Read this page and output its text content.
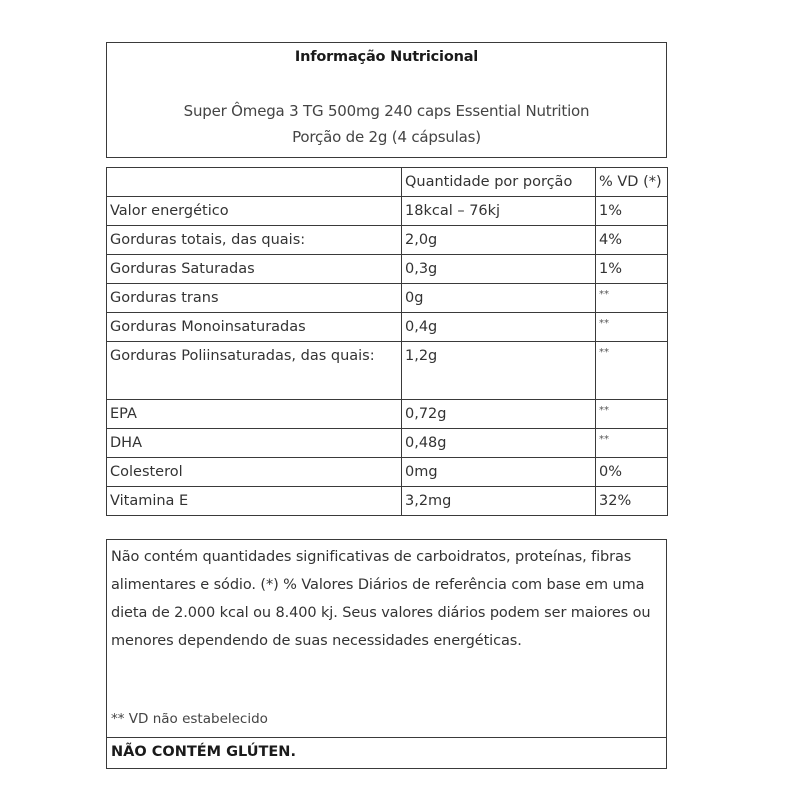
Informação Nutricional
Super Ômega 3 TG 500mg 240 caps Essential Nutrition
Porção de 2g (4 cápsulas)
	Quantidade por porção	% VD (*)
Valor energético	18kcal – 76kj	1%
Gorduras totais, das quais:	2,0g	4%
Gorduras Saturadas	0,3g	1%
Gorduras trans	0g	**
Gorduras Monoinsaturadas	0,4g	**
Gorduras Poliinsaturadas, das quais:	1,2g	**
EPA	0,72g	**
DHA	0,48g	**
Colesterol	0mg	0%
Vitamina E	3,2mg	32%
Não contém quantidades significativas de carboidratos, proteínas, fibras alimentares e sódio. (*) % Valores Diários de referência com base em uma dieta de 2.000 kcal ou 8.400 kj. Seus valores diários podem ser maiores ou menores dependendo de suas necessidades energéticas.
** VD não estabelecido
NÃO CONTÉM GLÚTEN.
